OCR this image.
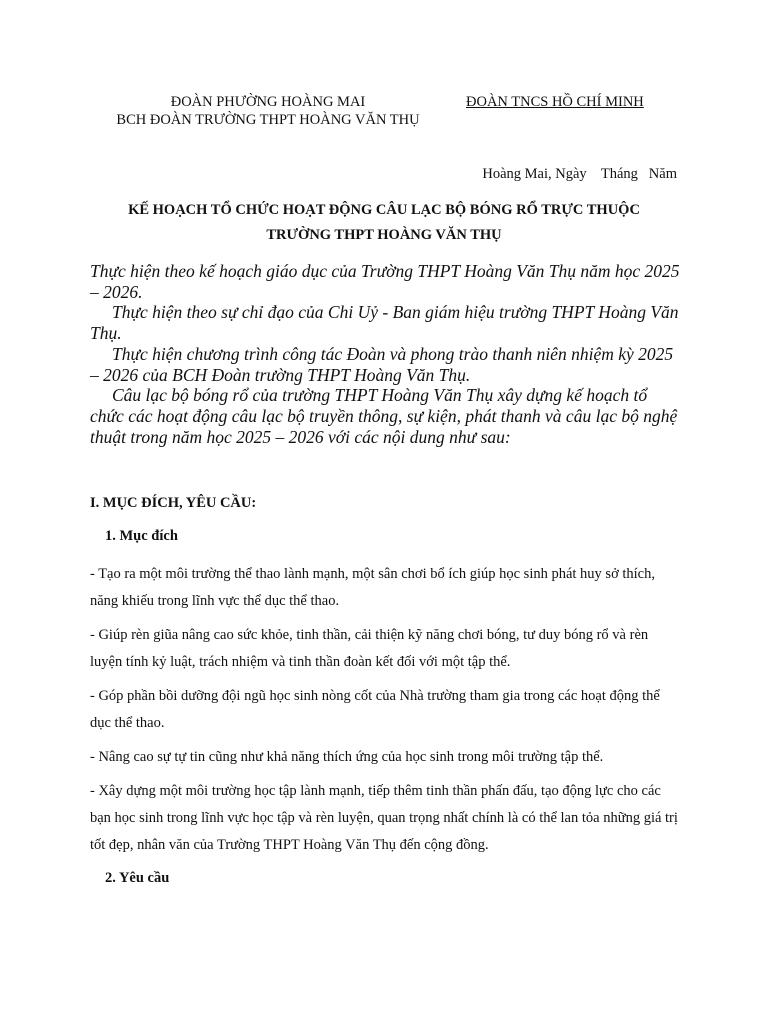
ĐOÀN PHƯỜNG HOÀNG MAI
BCH ĐOÀN TRƯỜNG THPT HOÀNG VĂN THỤ
ĐOÀN TNCS HỒ CHÍ MINH
Hoàng Mai, Ngày    Tháng   Năm
KẾ HOẠCH TỔ CHỨC HOẠT ĐỘNG CÂU LẠC BỘ BÓNG RỔ TRỰC THUỘC
TRƯỜNG THPT HOÀNG VĂN THỤ

Thực hiện theo kế hoạch giáo dục của Trường THPT Hoàng Văn Thụ năm học 2025 – 2026.

Thực hiện theo sự chỉ đạo của Chi Uỷ - Ban giám hiệu trường THPT Hoàng Văn Thụ.

Thực hiện chương trình công tác Đoàn và phong trào thanh niên nhiệm kỳ 2025 – 2026 của BCH Đoàn trường THPT Hoàng Văn Thụ.

Câu lạc bộ bóng rổ của trường THPT Hoàng Văn Thụ xây dựng kế hoạch tổ chức các hoạt động câu lạc bộ truyền thông, sự kiện, phát thanh và câu lạc bộ nghệ thuật trong năm học 2025 – 2026 với các nội dung như sau:

I. MỤC ĐÍCH, YÊU CẦU:
1. Mục đích

- Tạo ra một môi trường thể thao lành mạnh, một sân chơi bổ ích giúp học sinh phát huy sở thích, năng khiếu trong lĩnh vực thể dục thể thao.

- Giúp rèn giũa nâng cao sức khỏe, tinh thần, cải thiện kỹ năng chơi bóng, tư duy bóng rổ và rèn luyện tính kỷ luật, trách nhiệm và tinh thần đoàn kết đối với một tập thể.

- Góp phần bồi dưỡng đội ngũ học sinh nòng cốt của Nhà trường tham gia trong các hoạt động thể dục thể thao.

- Nâng cao sự tự tin cũng như khả năng thích ứng của học sinh trong môi trường tập thể.

- Xây dựng một môi trường học tập lành mạnh, tiếp thêm tinh thần phấn đấu, tạo động lực cho các bạn học sinh trong lĩnh vực học tập và rèn luyện, quan trọng nhất chính là có thể lan tỏa những giá trị tốt đẹp, nhân văn của Trường THPT Hoàng Văn Thụ đến cộng đồng.

2. Yêu cầu
